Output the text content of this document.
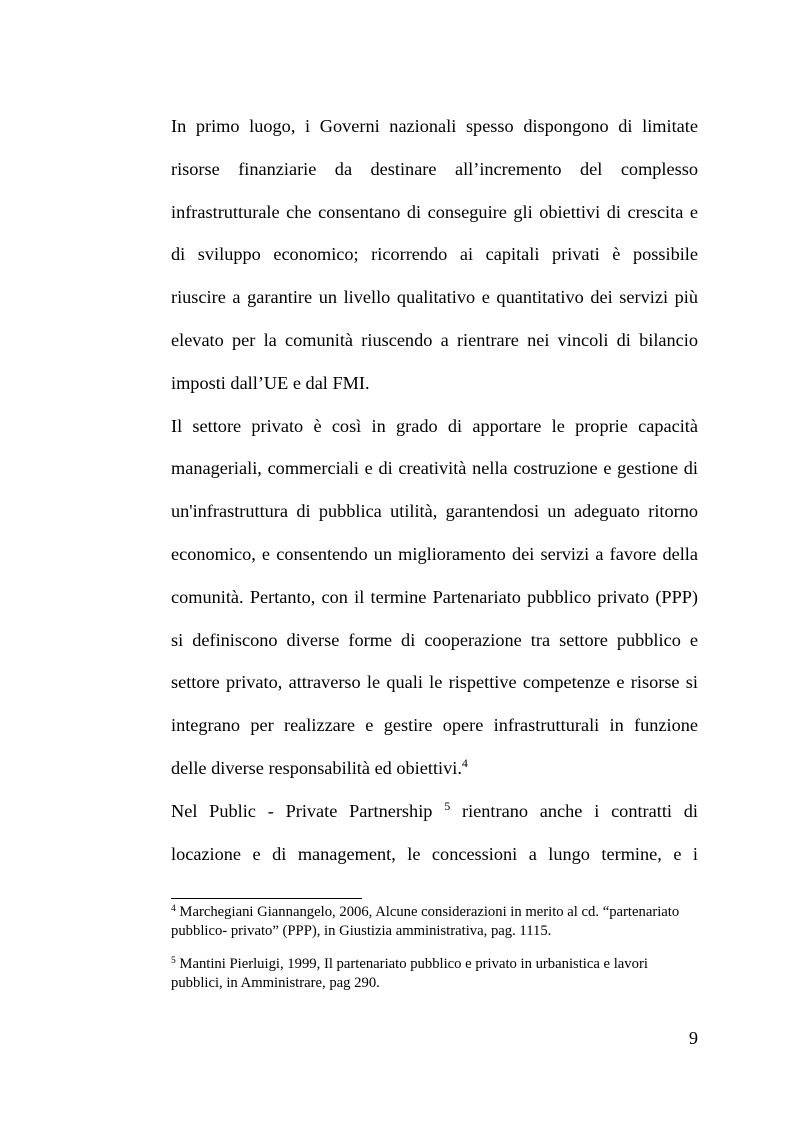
In primo luogo, i Governi nazionali spesso dispongono di limitate
risorse finanziarie da destinare all’incremento del complesso
infrastrutturale che consentano di conseguire gli obiettivi di crescita e
di sviluppo economico; ricorrendo ai capitali privati è possibile
riuscire a garantire un livello qualitativo e quantitativo dei servizi più
elevato per la comunità riuscendo a rientrare nei vincoli di bilancio
imposti dall’UE e dal FMI.
Il settore privato è così in grado di apportare le proprie capacità
manageriali, commerciali e di creatività nella costruzione e gestione di
un'infrastruttura di pubblica utilità, garantendosi un adeguato ritorno
economico, e consentendo un miglioramento dei servizi a favore della
comunità. Pertanto, con il termine Partenariato pubblico privato (PPP)
si definiscono diverse forme di cooperazione tra settore pubblico e
settore privato, attraverso le quali le rispettive competenze e risorse si
integrano per realizzare e gestire opere infrastrutturali in funzione
delle diverse responsabilità ed obiettivi.$^4$
Nel Public - Private Partnership $^5$ rientrano anche i contratti di
locazione e di management, le concessioni a lungo termine, e i
$^4$ Marchegiani Giannangelo, 2006, Alcune considerazioni in merito al cd. “partenariato
pubblico- privato” (PPP), in Giustizia amministrativa, pag. 1115.
$^5$ Mantini Pierluigi, 1999, Il partenariato pubblico e privato in urbanistica e lavori
pubblici, in Amministrare, pag 290.
9
